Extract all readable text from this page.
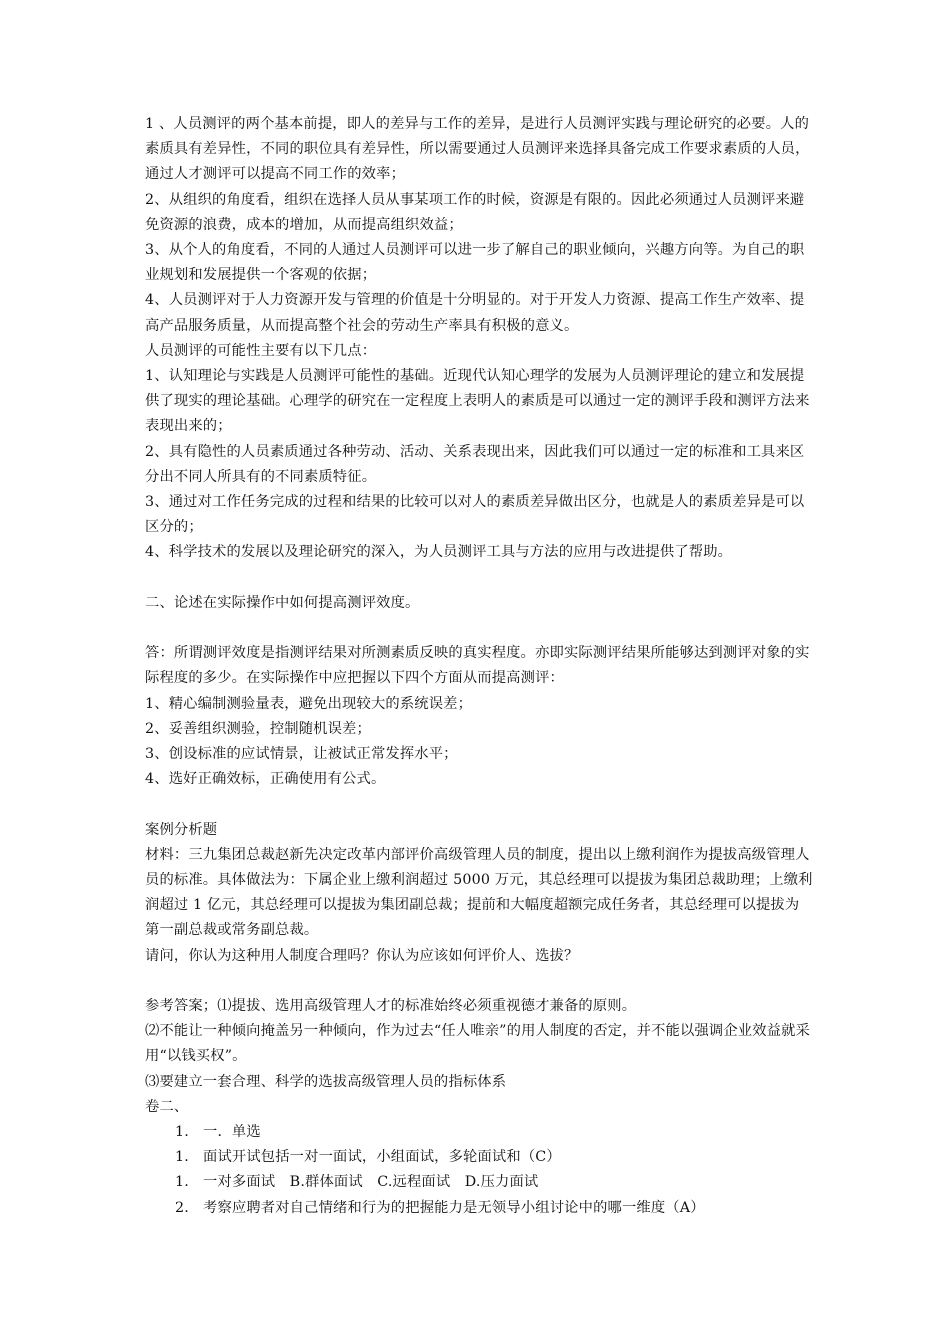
1 、人员测评的两个基本前提，即人的差异与工作的差异，是进行人员测评实践与理论研究的必要。人的素质具有差异性，不同的职位具有差异性，所以需要通过人员测评来选择具备完成工作要求素质的人员，通过人才测评可以提高不同工作的效率；

2、从组织的角度看，组织在选择人员从事某项工作的时候，资源是有限的。因此必须通过人员测评来避免资源的浪费，成本的增加，从而提高组织效益；

3、从个人的角度看，不同的人通过人员测评可以进一步了解自己的职业倾向，兴趣方向等。为自己的职业规划和发展提供一个客观的依据；

4、人员测评对于人力资源开发与管理的价值是十分明显的。对于开发人力资源、提高工作生产效率、提高产品服务质量，从而提高整个社会的劳动生产率具有积极的意义。

人员测评的可能性主要有以下几点：

1、认知理论与实践是人员测评可能性的基础。近现代认知心理学的发展为人员测评理论的建立和发展提供了现实的理论基础。心理学的研究在一定程度上表明人的素质是可以通过一定的测评手段和测评方法来表现出来的；

2、具有隐性的人员素质通过各种劳动、活动、关系表现出来，因此我们可以通过一定的标准和工具来区分出不同人所具有的不同素质特征。

3、通过对工作任务完成的过程和结果的比较可以对人的素质差异做出区分，也就是人的素质差异是可以区分的；

4、科学技术的发展以及理论研究的深入，为人员测评工具与方法的应用与改进提供了帮助。

二、论述在实际操作中如何提高测评效度。

答：所谓测评效度是指测评结果对所测素质反映的真实程度。亦即实际测评结果所能够达到测评对象的实际程度的多少。在实际操作中应把握以下四个方面从而提高测评：

1、精心编制测验量表，避免出现较大的系统误差；

2、妥善组织测验，控制随机误差；

3、创设标准的应试情景，让被试正常发挥水平；

4、选好正确效标，正确使用有公式。

案例分析题

材料：三九集团总裁赵新先决定改革内部评价高级管理人员的制度，提出以上缴利润作为提拔高级管理人员的标准。具体做法为：下属企业上缴利润超过 5000 万元，其总经理可以提拔为集团总裁助理；上缴利润超过 1 亿元，其总经理可以提拔为集团副总裁；提前和大幅度超额完成任务者，其总经理可以提拔为第一副总裁或常务副总裁。

请问，你认为这种用人制度合理吗？你认为应该如何评价人、选拔？

参考答案；⑴提拔、选用高级管理人才的标准始终必须重视德才兼备的原则。

⑵不能让一种倾向掩盖另一种倾向，作为过去“任人唯亲”的用人制度的否定，并不能以强调企业效益就采用“以钱买权”。

⑶要建立一套合理、科学的选拔高级管理人员的指标体系

卷二、

1. 一．单选
1. 面试开试包括一对一面试，小组面试，多轮面试和（C）
1. 一对多面试　B.群体面试　C.远程面试　D.压力面试
2. 考察应聘者对自己情绪和行为的把握能力是无领导小组讨论中的哪一维度（A）
